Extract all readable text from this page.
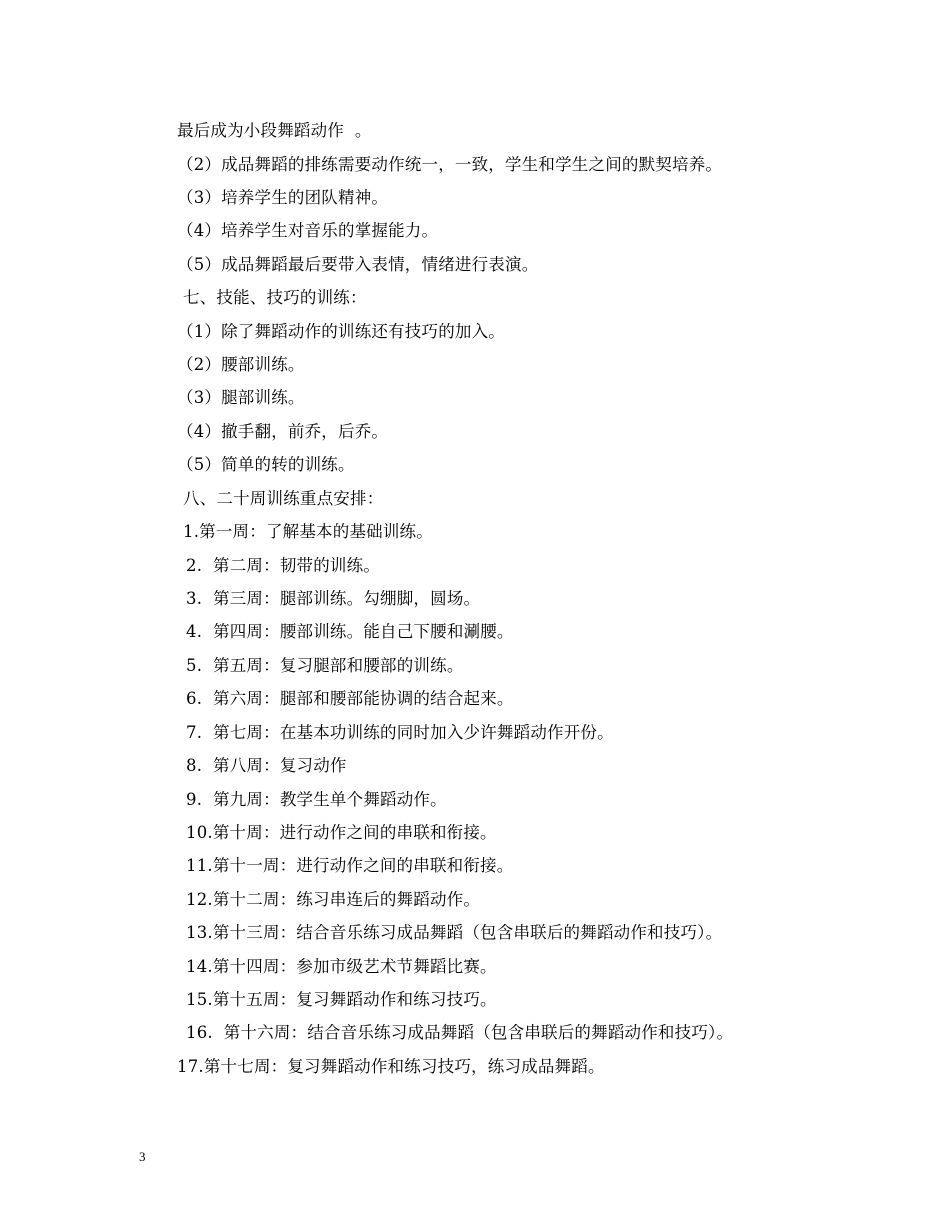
最后成为小段舞蹈动作  。
（2）成品舞蹈的排练需要动作统一，一致，学生和学生之间的默契培养。
（3）培养学生的团队精神。
（4）培养学生对音乐的掌握能力。
（5）成品舞蹈最后要带入表情，情绪进行表演。
七、技能、技巧的训练：
（1）除了舞蹈动作的训练还有技巧的加入。
（2）腰部训练。
（3）腿部训练。
（4）撤手翻，前乔，后乔。
（5）简单的转的训练。
八、二十周训练重点安排：
1.第一周：了解基本的基础训练。
2.  第二周：韧带的训练。
3.  第三周：腿部训练。勾绷脚，圆场。
4.  第四周：腰部训练。能自己下腰和涮腰。
5.  第五周：复习腿部和腰部的训练。
6.  第六周：腿部和腰部能协调的结合起来。
7.  第七周：在基本功训练的同时加入少许舞蹈动作开份。
8.  第八周：复习动作
9.  第九周：教学生单个舞蹈动作。
10.第十周：进行动作之间的串联和衔接。
11.第十一周：进行动作之间的串联和衔接。
12.第十二周：练习串连后的舞蹈动作。
13.第十三周：结合音乐练习成品舞蹈（包含串联后的舞蹈动作和技巧）。
14.第十四周：参加市级艺术节舞蹈比赛。
15.第十五周：复习舞蹈动作和练习技巧。
16.  第十六周：结合音乐练习成品舞蹈（包含串联后的舞蹈动作和技巧）。
17.第十七周：复习舞蹈动作和练习技巧，练习成品舞蹈。
3
